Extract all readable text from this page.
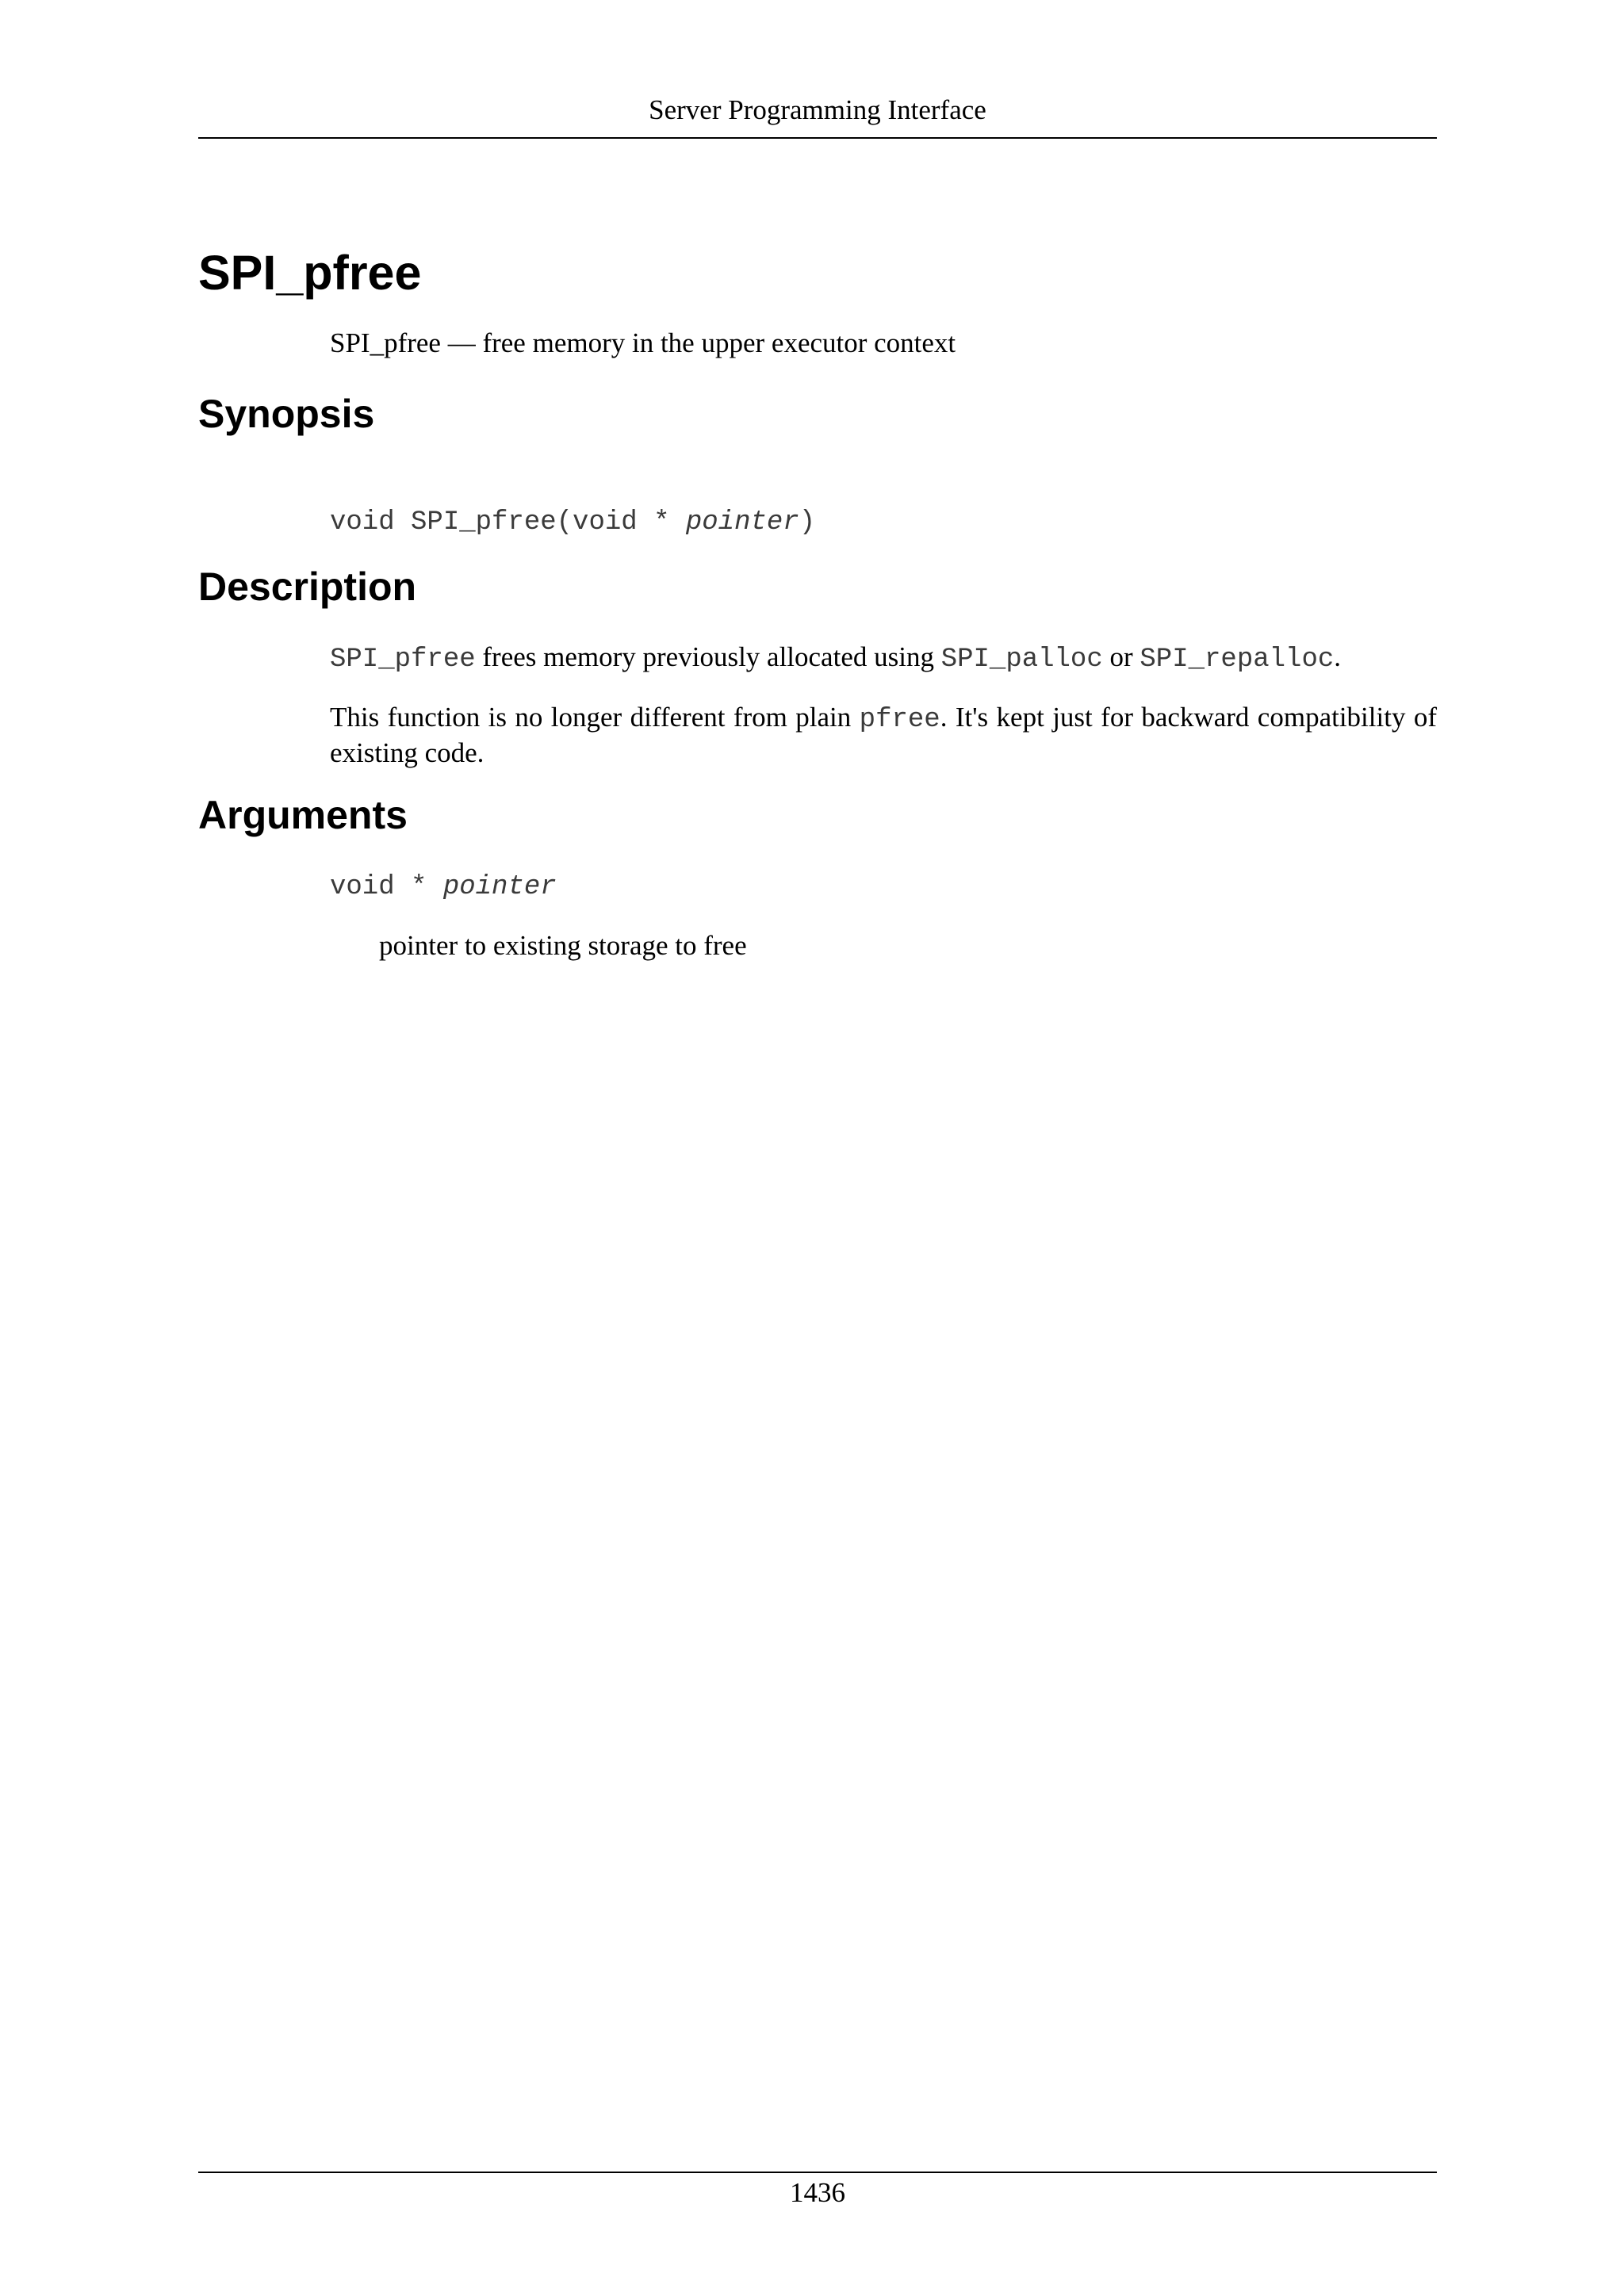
Server Programming Interface
SPI_pfree

SPI_pfree — free memory in the upper executor context

Synopsis

void SPI_pfree(void * pointer)

Description

SPI_pfree frees memory previously allocated using SPI_palloc or SPI_repalloc.

This function is no longer different from plain pfree. It's kept just for backward compatibility of existing code.

Arguments

void * pointer

pointer to existing storage to free

1436
